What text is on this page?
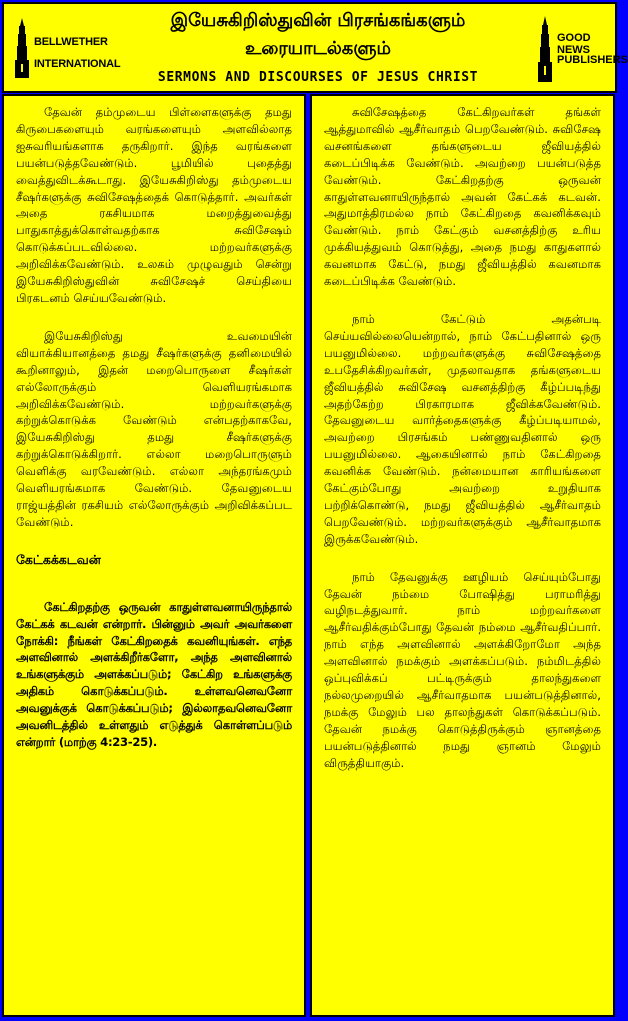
BELLWETHER
INTERNATIONAL
இயேசுகிறிஸ்துவின் பிரசங்கங்களும்
உரையாடல்களும்
SERMONS AND DISCOURSES OF JESUS CHRIST
GOOD NEWS
PUBLISHERS

தேவன் தம்முடைய பிள்ளைகளுக்கு தமது கிருபைகளையும் வரங்களையும் அளவில்லாத ஐசுவரியங்களாக தருகிறார். இந்த வரங்களை பயன்படுத்தவேண்டும். பூமியில் புதைத்து வைத்துவிடக்கூடாது. இயேசுகிறிஸ்து தம்முடைய சீஷர்களுக்கு சுவிசேஷத்தைக் கொடுத்தார். அவர்கள் அதை ரகசியமாக மறைத்துவைத்து பாதுகாத்துக்கொள்வதற்காக சுவிசேஷம் கொடுக்கப்படவில்லை. மற்றவர்களுக்கு அறிவிக்கவேண்டும். உலகம் முழுவதும் சென்று இயேசுகிறிஸ்துவின் சுவிசேஷச் செய்தியை பிரகடனம் செய்யவேண்டும்.

இயேசுகிறிஸ்து உவமையின் வியாக்கியானத்தை தமது சீஷர்களுக்கு தனிமையில் கூறினாலும், இதன் மறைபொருளை சீஷர்கள் எல்லோருக்கும் வெளியரங்கமாக அறிவிக்கவேண்டும். மற்றவர்களுக்கு கற்றுக்கொடுக்க வேண்டும் என்பதற்காகவே, இயேசுகிறிஸ்து தமது சீஷர்களுக்கு கற்றுக்கொடுக்கிறார். எல்லா மறைபொருளும் வெளிக்கு வரவேண்டும். எல்லா அந்தரங்கமும் வெளியரங்கமாக வேண்டும். தேவனுடைய ராஜ்யத்தின் ரகசியம் எல்லோருக்கும் அறிவிக்கப்பட வேண்டும்.

கேட்கக்கடவன்

கேட்கிறதற்கு ஒருவன் காதுள்ளவனாயிருந்தால் கேட்கக் கடவன் என்றார். பின்னும் அவர் அவர்களை நோக்கி: நீங்கள் கேட்கிறதைக் கவனியுங்கள். எந்த அளவினால் அளக்கிறீர்களோ, அந்த அளவினால் உங்களுக்கும் அளக்கப்படும்; கேட்கிற உங்களுக்கு அதிகம் கொடுக்கப்படும். உள்ளவனெவனோ அவனுக்குக் கொடுக்கப்படும்; இல்லாதவனெவனோ அவனிடத்தில் உள்ளதும் எடுத்துக் கொள்ளப்படும் என்றார் (மாற்கு 4:23-25).

சுவிசேஷத்தை கேட்கிறவர்கள் தங்கள் ஆத்துமாவில் ஆசீர்வாதம் பெறவேண்டும். சுவிசேஷ வசனங்களை தங்களுடைய ஜீவியத்தில் கடைப்பிடிக்க வேண்டும். அவற்றை பயன்படுத்த வேண்டும். கேட்கிறதற்கு ஒருவன் காதுள்ளவனாயிருந்தால் அவன் கேட்கக் கடவன். அதுமாத்திரமல்ல நாம் கேட்கிறதை கவனிக்கவும் வேண்டும். நாம் கேட்கும் வசனத்திற்கு உரிய முக்கியத்துவம் கொடுத்து, அதை நமது காதுகளால் கவனமாக கேட்டு, நமது ஜீவியத்தில் கவனமாக கடைப்பிடிக்க வேண்டும்.

நாம் கேட்டும் அதன்படி செய்யவில்லையென்றால், நாம் கேட்பதினால் ஒரு பயனுமில்லை. மற்றவர்களுக்கு சுவிசேஷத்தை உபதேசிக்கிறவர்கள், முதலாவதாக தங்களுடைய ஜீவியத்தில் சுவிசேஷ வசனத்திற்கு கீழ்ப்படிந்து அதற்கேற்ற பிரகாரமாக ஜீவிக்கவேண்டும். தேவனுடைய வார்த்தைகளுக்கு கீழ்ப்படியாமல், அவற்றை பிரசங்கம் பண்ணுவதினால் ஒரு பயனுமில்லை. ஆகையினால் நாம் கேட்கிறதை கவனிக்க வேண்டும். நன்மையான காரியங்களை கேட்கும்போது அவற்றை உறுதியாக பற்றிக்கொண்டு, நமது ஜீவியத்தில் ஆசீர்வாதம் பெறவேண்டும். மற்றவர்களுக்கும் ஆசீர்வாதமாக இருக்கவேண்டும்.

நாம் தேவனுக்கு ஊழியம் செய்யும்போது தேவன் நம்மை போஷித்து பராமரித்து வழிநடத்துவார். நாம் மற்றவர்களை ஆசீர்வதிக்கும்போது தேவன் நம்மை ஆசீர்வதிப்பார். நாம் எந்த அளவினால் அளக்கிறோமோ அந்த அளவினால் நமக்கும் அளக்கப்படும். நம்மிடத்தில் ஒப்புவிக்கப் பட்டிருக்கும் தாலந்துகளை நல்லமுறையில் ஆசீர்வாதமாக பயன்படுத்தினால், நமக்கு மேலும் பல தாலந்துகள் கொடுக்கப்படும். தேவன் நமக்கு கொடுத்திருக்கும் ஞானத்தை பயன்படுத்தினால் நமது ஞானம் மேலும் விருத்தியாகும்.
